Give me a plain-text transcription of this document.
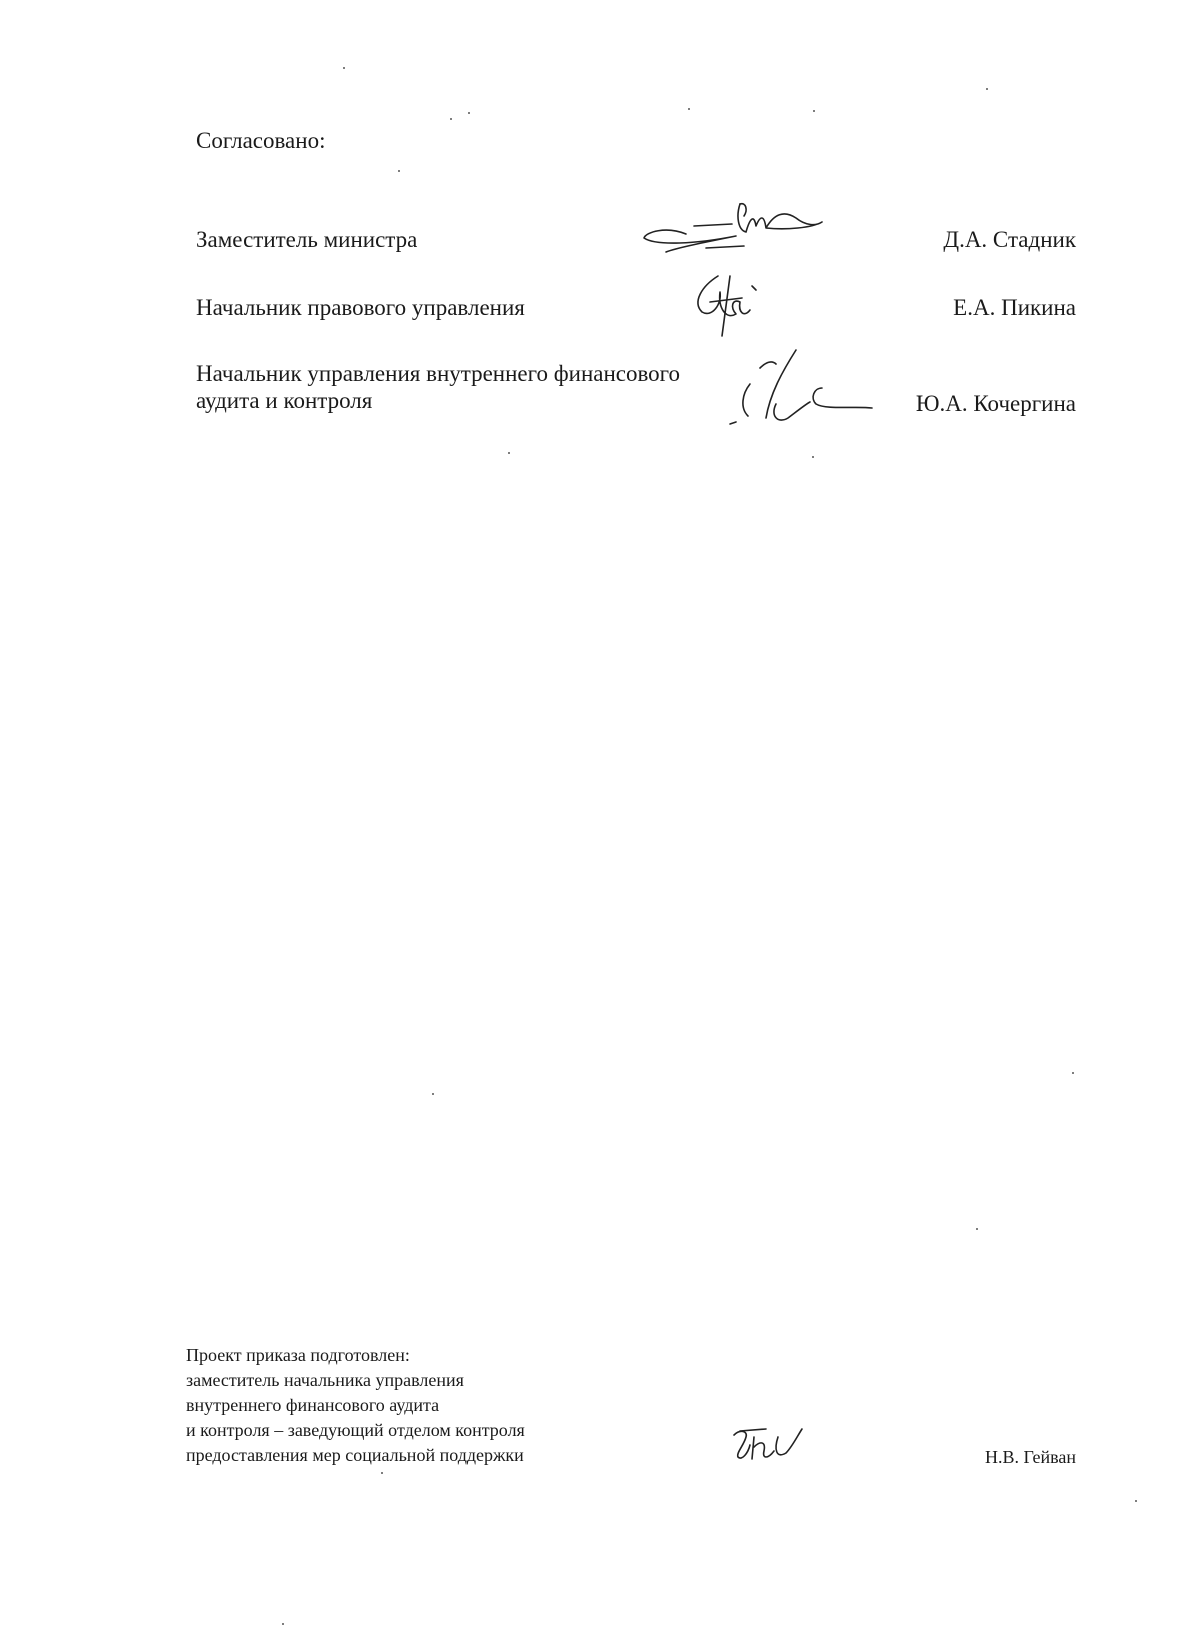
Согласовано:
Заместитель министра	Д.А. Стадник
Начальник правового управления	Е.А. Пикина
Начальник управления внутреннего финансового
аудита и контроля	Ю.А. Кочергина
Проект приказа подготовлен:
заместитель начальника управления
внутреннего финансового аудита
и контроля – заведующий отделом контроля
предоставления мер социальной поддержки	Н.В. Гейван
